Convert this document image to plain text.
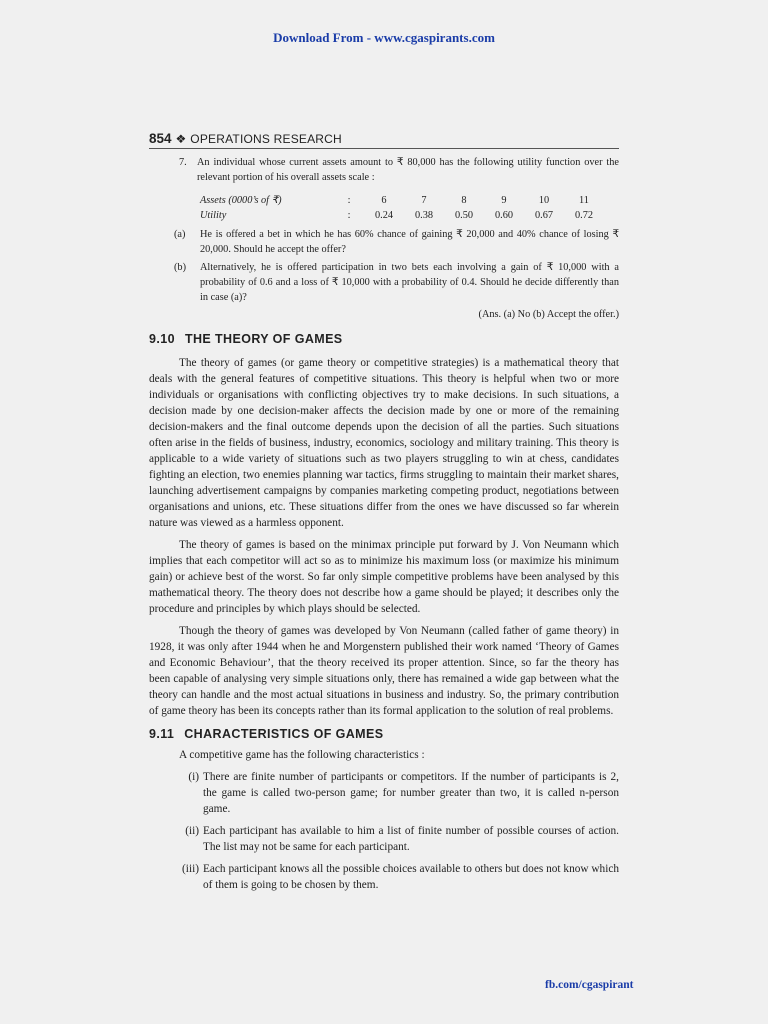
Download From - www.cgaspirants.com
854 ❖ OPERATIONS RESEARCH
7. An individual whose current assets amount to ₹ 80,000 has the following utility function over the relevant portion of his overall assets scale :
Assets (0000’s of ₹)	:	6	7	8	9	10	11
Utility	:	0.24	0.38	0.50	0.60	0.67	0.72
(a)	He is offered a bet in which he has 60% chance of gaining ₹ 20,000 and 40% chance of losing ₹ 20,000. Should he accept the offer?
(b)	Alternatively, he is offered participation in two bets each involving a gain of ₹ 10,000 with a probability of 0.6 and a loss of ₹ 10,000 with a probability of 0.4. Should he decide differently than in case (a)?
(Ans. (a) No (b) Accept the offer.)
9.10 THE THEORY OF GAMES

The theory of games (or game theory or competitive strategies) is a mathematical theory that deals with the general features of competitive situations. This theory is helpful when two or more individuals or organisations with conflicting objectives try to make decisions. In such situations, a decision made by one decision-maker affects the decision made by one or more of the remaining decision-makers and the final outcome depends upon the decision of all the parties. Such situations often arise in the fields of business, industry, economics, sociology and military training. This theory is applicable to a wide variety of situations such as two players struggling to win at chess, candidates fighting an election, two enemies planning war tactics, firms struggling to maintain their market shares, launching advertisement campaigns by companies marketing competing product, negotiations between organisations and unions, etc. These situations differ from the ones we have discussed so far wherein nature was viewed as a harmless opponent.

The theory of games is based on the minimax principle put forward by J. Von Neumann which implies that each competitor will act so as to minimize his maximum loss (or maximize his minimum gain) or achieve best of the worst. So far only simple competitive problems have been analysed by this mathematical theory. The theory does not describe how a game should be played; it describes only the procedure and principles by which plays should be selected.

Though the theory of games was developed by Von Neumann (called father of game theory) in 1928, it was only after 1944 when he and Morgenstern published their work named ‘Theory of Games and Economic Behaviour’, that the theory received its proper attention. Since, so far the theory has been capable of analysing very simple situations only, there has remained a wide gap between what the theory can handle and the most actual situations in business and industry. So, the primary contribution of game theory has been its concepts rather than its formal application to the solution of real problems.

9.11 CHARACTERISTICS OF GAMES
A competitive game has the following characteristics :
(i) There are finite number of participants or competitors. If the number of participants is 2, the game is called two-person game; for number greater than two, it is called n-person game.
(ii) Each participant has available to him a list of finite number of possible courses of action. The list may not be same for each participant.
(iii) Each participant knows all the possible choices available to others but does not know which of them is going to be chosen by them.
fb.com/cgaspirant
